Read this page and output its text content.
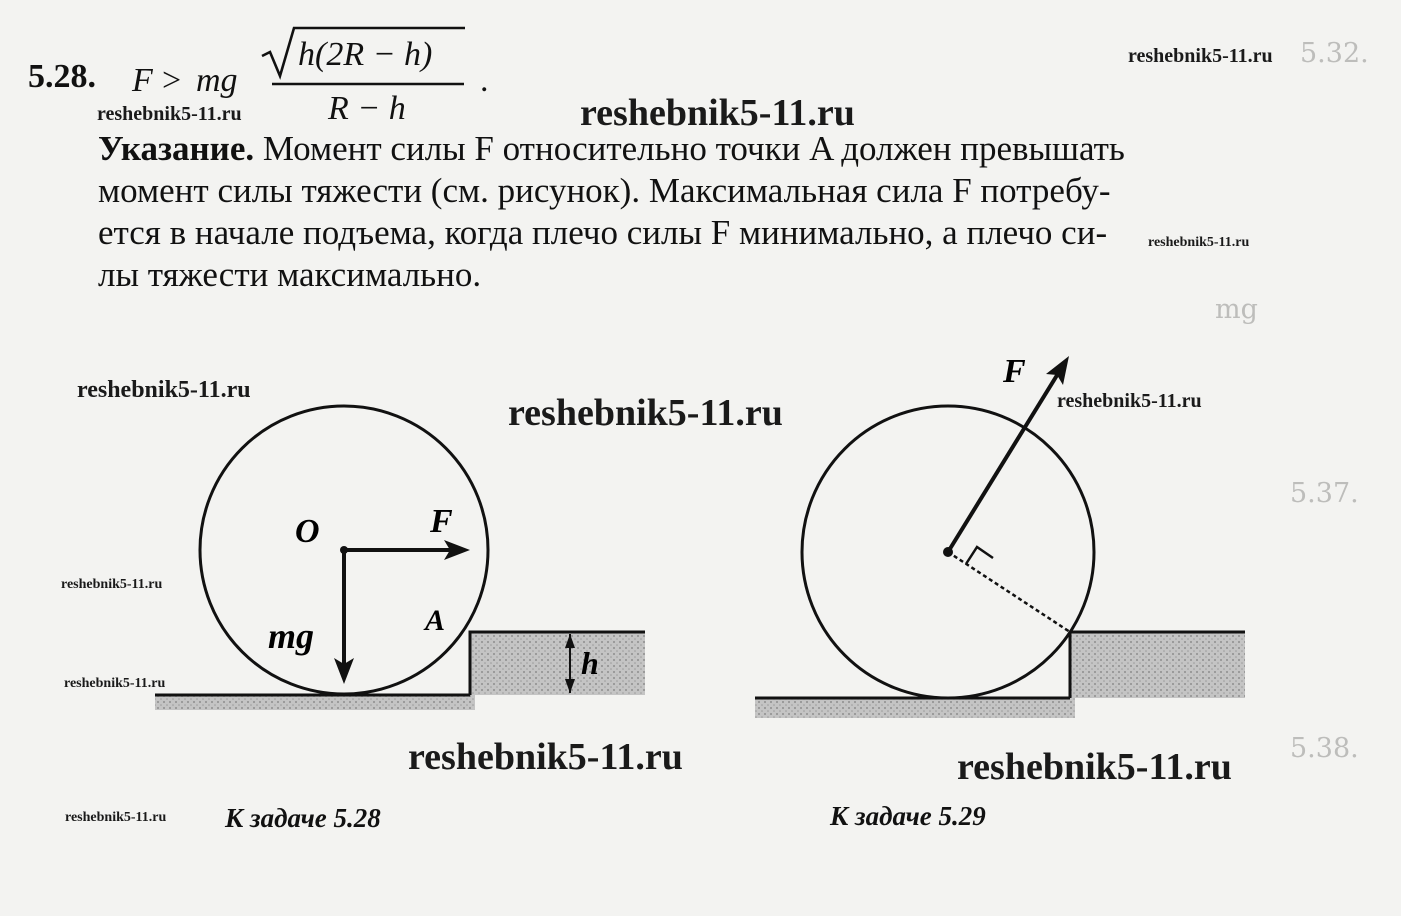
5.32.
5.37.
5.38.
mg
5.28. F > mg
h(2R − h)
R − h
.
Указание. Момент силы F относительно точки A должен превышать
момент силы тяжести (см. рисунок). Максимальная сила F потребу-
ется в начале подъема, когда плечо силы F минимально, а плечо си-
лы тяжести максимально.
O	F
mg	A
h
F
К задаче 5.28	К задаче 5.29
reshebnik5-11.ru
reshebnik5-11.ru	reshebnik5-11.ru
reshebnik5-11.ru
reshebnik5-11.ru
reshebnik5-11.ru	reshebnik5-11.ru
reshebnik5-11.ru
reshebnik5-11.ru
reshebnik5-11.ru	reshebnik5-11.ru
reshebnik5-11.ru
